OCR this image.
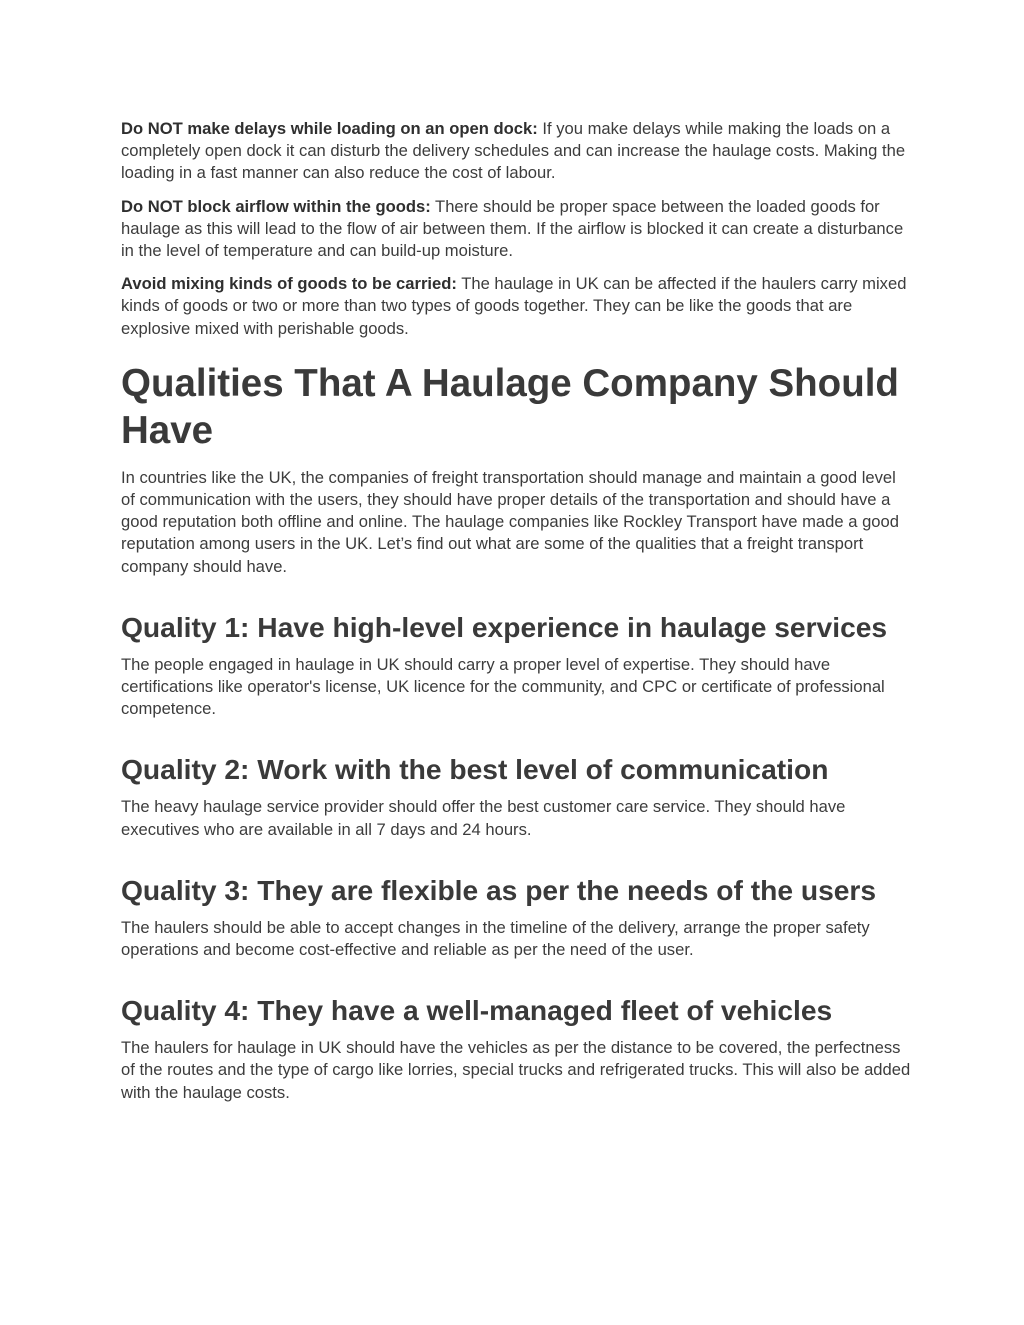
Do NOT make delays while loading on an open dock: If you make delays while making the loads on a completely open dock it can disturb the delivery schedules and can increase the haulage costs. Making the loading in a fast manner can also reduce the cost of labour.

Do NOT block airflow within the goods: There should be proper space between the loaded goods for haulage as this will lead to the flow of air between them. If the airflow is blocked it can create a disturbance in the level of temperature and can build-up moisture.

Avoid mixing kinds of goods to be carried: The haulage in UK can be affected if the haulers carry mixed kinds of goods or two or more than two types of goods together. They can be like the goods that are explosive mixed with perishable goods.

Qualities That A Haulage Company Should Have

In countries like the UK, the companies of freight transportation should manage and maintain a good level of communication with the users, they should have proper details of the transportation and should have a good reputation both offline and online. The haulage companies like Rockley Transport have made a good reputation among users in the UK. Let’s find out what are some of the qualities that a freight transport company should have.

Quality 1: Have high-level experience in haulage services

The people engaged in haulage in UK should carry a proper level of expertise. They should have certifications like operator's license, UK licence for the community, and CPC or certificate of professional competence.

Quality 2: Work with the best level of communication

The heavy haulage service provider should offer the best customer care service. They should have executives who are available in all 7 days and 24 hours.

Quality 3: They are flexible as per the needs of the users

The haulers should be able to accept changes in the timeline of the delivery, arrange the proper safety operations and become cost-effective and reliable as per the need of the user.

Quality 4: They have a well-managed fleet of vehicles

The haulers for haulage in UK should have the vehicles as per the distance to be covered, the perfectness of the routes and the type of cargo like lorries, special trucks and refrigerated trucks. This will also be added with the haulage costs.
